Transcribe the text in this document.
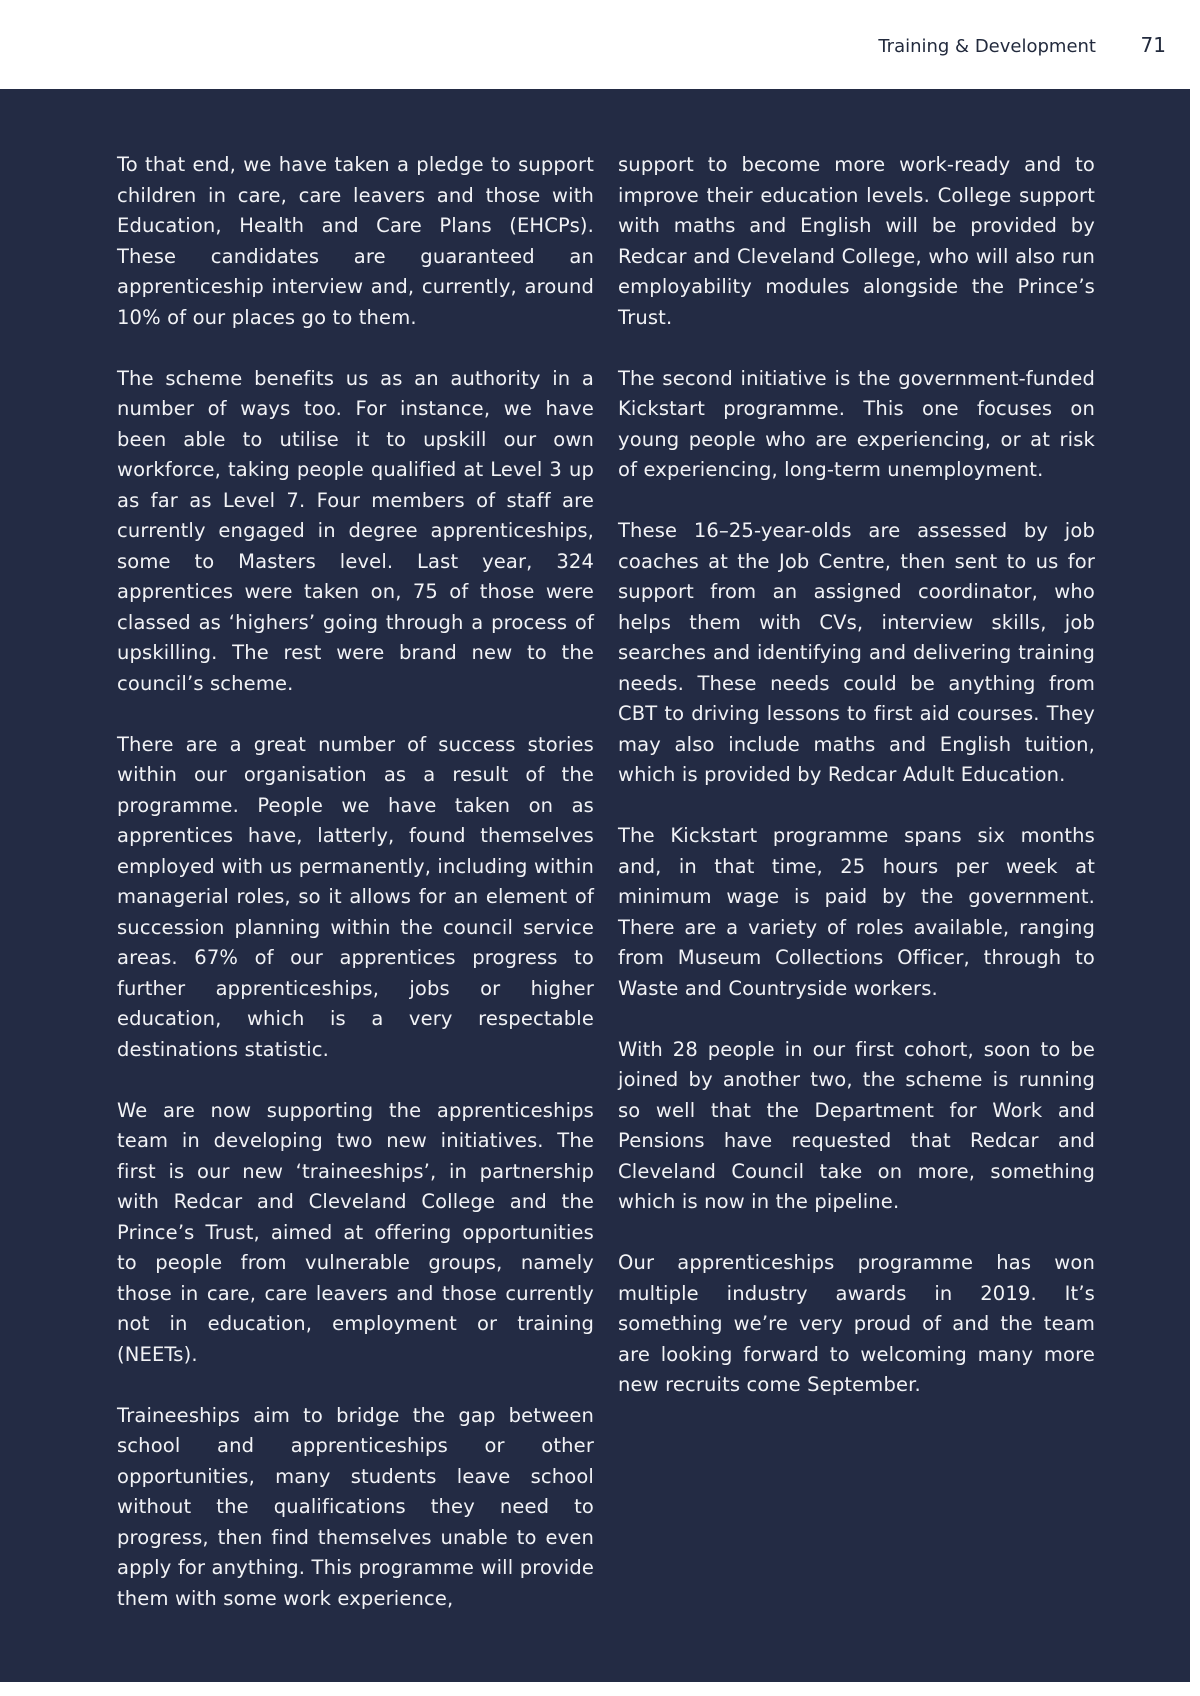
Training & Development 71

To that end, we have taken a pledge to support children in care, care leavers and those with Education, Health and Care Plans (EHCPs). These candidates are guaranteed an apprenticeship interview and, currently, around 10% of our places go to them.

The scheme benefits us as an authority in a number of ways too. For instance, we have been able to utilise it to upskill our own workforce, taking people qualified at Level 3 up as far as Level 7. Four members of staff are currently engaged in degree apprenticeships, some to Masters level. Last year, 324 apprentices were taken on, 75 of those were classed as ‘highers’ going through a process of upskilling. The rest were brand new to the council’s scheme.

There are a great number of success stories within our organisation as a result of the programme. People we have taken on as apprentices have, latterly, found themselves employed with us permanently, including within managerial roles, so it allows for an element of succession planning within the council service areas. 67% of our apprentices progress to further apprenticeships, jobs or higher education, which is a very respectable destinations statistic.

We are now supporting the apprenticeships team in developing two new initiatives. The first is our new ‘traineeships’, in partnership with Redcar and Cleveland College and the Prince’s Trust, aimed at offering opportunities to people from vulnerable groups, namely those in care, care leavers and those currently not in education, employment or training (NEETs).

Traineeships aim to bridge the gap between school and apprenticeships or other opportunities, many students leave school without the qualifications they need to progress, then find themselves unable to even apply for anything. This programme will provide them with some work experience,

support to become more work-ready and to improve their education levels. College support with maths and English will be provided by Redcar and Cleveland College, who will also run employability modules alongside the Prince’s Trust.

The second initiative is the government-funded Kickstart programme. This one focuses on young people who are experiencing, or at risk of experiencing, long-term unemployment.

These 16–25-year-olds are assessed by job coaches at the Job Centre, then sent to us for support from an assigned coordinator, who helps them with CVs, interview skills, job searches and identifying and delivering training needs. These needs could be anything from CBT to driving lessons to first aid courses. They may also include maths and English tuition, which is provided by Redcar Adult Education.

The Kickstart programme spans six months and, in that time, 25 hours per week at minimum wage is paid by the government. There are a variety of roles available, ranging from Museum Collections Officer, through to Waste and Countryside workers.

With 28 people in our first cohort, soon to be joined by another two, the scheme is running so well that the Department for Work and Pensions have requested that Redcar and Cleveland Council take on more, something which is now in the pipeline.

Our apprenticeships programme has won multiple industry awards in 2019. It’s something we’re very proud of and the team are looking forward to welcoming many more new recruits come September.
